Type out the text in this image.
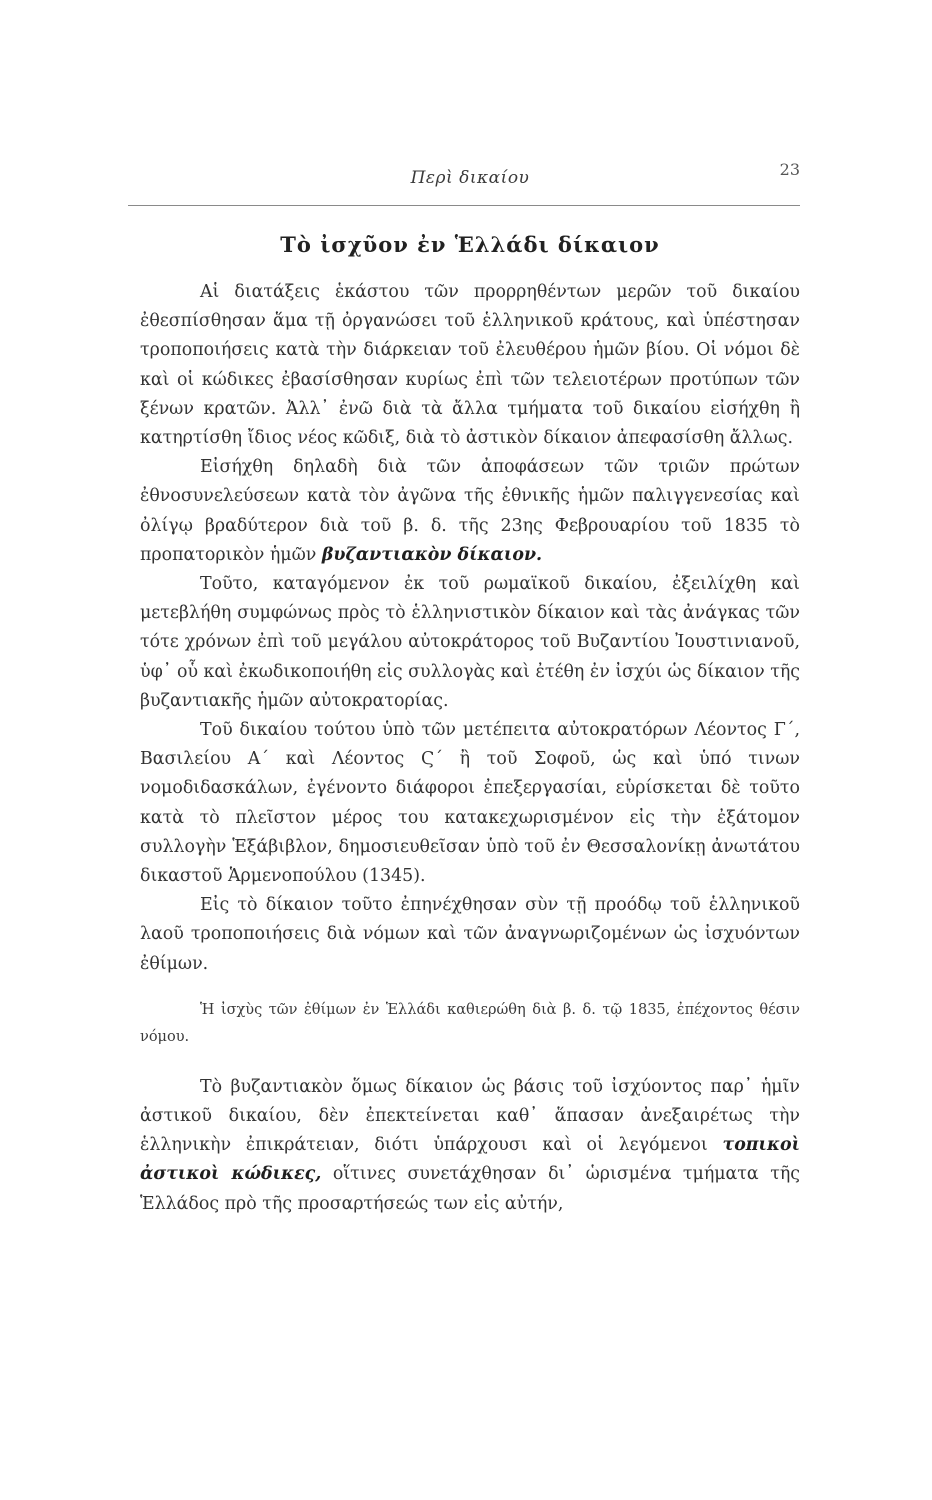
Περὶ δικαίου	23
Τὸ ἰσχῦον ἐν Ἑλλάδι δίκαιον

Αἱ διατάξεις ἑκάστου τῶν προρρηθέντων μερῶν τοῦ δικαίου ἐθεσπίσθησαν ἅμα τῇ ὀργανώσει τοῦ ἑλληνικοῦ κράτους, καὶ ὑπέστησαν τροποποιήσεις κατὰ τὴν διάρκειαν τοῦ ἐλευθέρου ἡμῶν βίου. Οἱ νόμοι δὲ καὶ οἱ κώδικες ἐβασίσθησαν κυρίως ἐπὶ τῶν τελειοτέρων προτύπων τῶν ξένων κρατῶν. Ἀλλ᾽ ἐνῶ διὰ τὰ ἄλλα τμήματα τοῦ δικαίου εἰσήχθη ἢ κατηρτίσθη ἴδιος νέος κῶδιξ, διὰ τὸ ἀστικὸν δίκαιον ἀπεφασίσθη ἄλλως.

Εἰσήχθη δηλαδὴ διὰ τῶν ἀποφάσεων τῶν τριῶν πρώτων ἐθνοσυνελεύσεων κατὰ τὸν ἀγῶνα τῆς ἐθνικῆς ἡμῶν παλιγγενεσίας καὶ ὀλίγῳ βραδύτερον διὰ τοῦ β. δ. τῆς 23ης Φεβρουαρίου τοῦ 1835 τὸ προπατορικὸν ἡμῶν βυζαντιακὸν δίκαιον.

Τοῦτο, καταγόμενον ἐκ τοῦ ρωμαϊκοῦ δικαίου, ἐξειλίχθη καὶ μετεβλήθη συμφώνως πρὸς τὸ ἑλληνιστικὸν δίκαιον καὶ τὰς ἀνάγκας τῶν τότε χρόνων ἐπὶ τοῦ μεγάλου αὐτοκράτορος τοῦ Βυζαντίου Ἰουστινιανοῦ, ὑφ᾽ οὗ καὶ ἐκωδικοποιήθη εἰς συλλογὰς καὶ ἐτέθη ἐν ἰσχύι ὡς δίκαιον τῆς βυζαντιακῆς ἡμῶν αὐτοκρατορίας.

Τοῦ δικαίου τούτου ὑπὸ τῶν μετέπειτα αὐτοκρατόρων Λέοντος Γ΄, Βασιλείου Α΄ καὶ Λέοντος Ϛ΄ ἢ τοῦ Σοφοῦ, ὡς καὶ ὑπό τινων νομοδιδασκάλων, ἐγένοντο διάφοροι ἐπεξεργασίαι, εὑρίσκεται δὲ τοῦτο κατὰ τὸ πλεῖστον μέρος του κατακεχωρισμένον εἰς τὴν ἐξάτομον συλλογὴν Ἑξάβιβλον, δημοσιευθεῖσαν ὑπὸ τοῦ ἐν Θεσσαλονίκῃ ἀνωτάτου δικαστοῦ Ἁρμενοπούλου (1345).

Εἰς τὸ δίκαιον τοῦτο ἐπηνέχθησαν σὺν τῇ προόδῳ τοῦ ἑλληνικοῦ λαοῦ τροποποιήσεις διὰ νόμων καὶ τῶν ἀναγνωριζομένων ὡς ἰσχυόντων ἐθίμων.

Ἡ ἰσχὺς τῶν ἐθίμων ἐν Ἑλλάδι καθιερώθη διὰ β. δ. τῷ 1835, ἐπέχοντος θέσιν νόμου.

Τὸ βυζαντιακὸν ὅμως δίκαιον ὡς βάσις τοῦ ἰσχύοντος παρ᾽ ἡμῖν ἀστικοῦ δικαίου, δὲν ἐπεκτείνεται καθ᾽ ἅπασαν ἀνεξαιρέτως τὴν ἑλληνικὴν ἐπικράτειαν, διότι ὑπάρχουσι καὶ οἱ λεγόμενοι τοπικοὶ ἀστικοὶ κώδικες, οἵτινες συνετάχθησαν δι᾽ ὡρισμένα τμήματα τῆς Ἑλλάδος πρὸ τῆς προσαρτήσεώς των εἰς αὐτήν,
